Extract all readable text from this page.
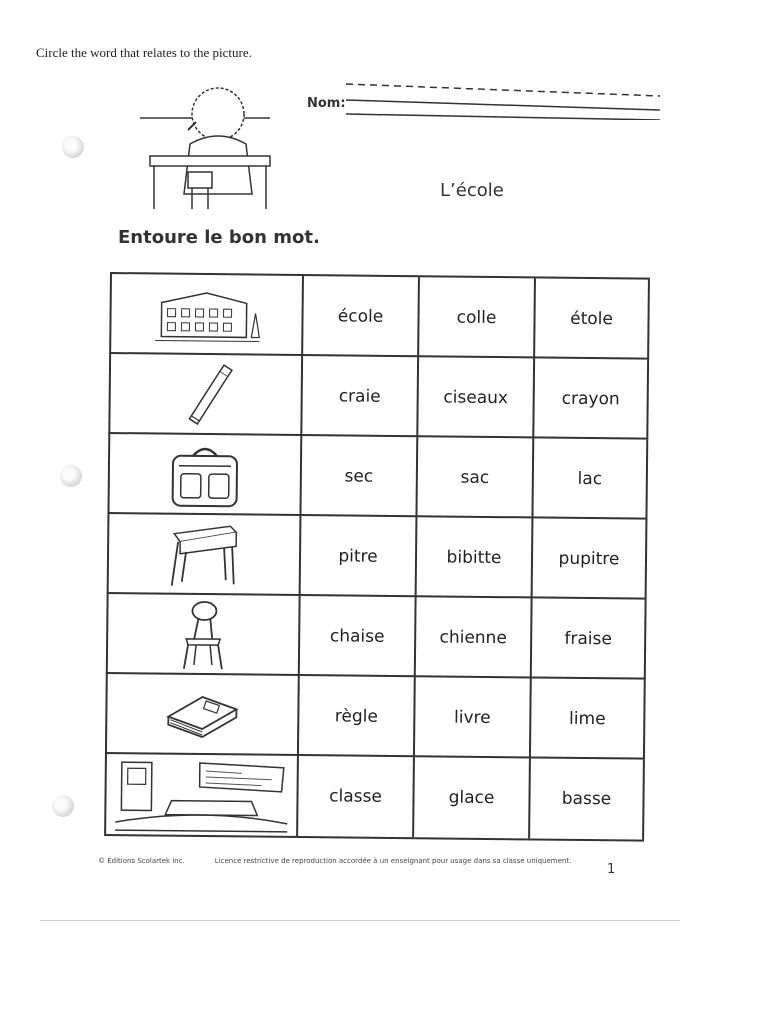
Circle the word that relates to the picture.
Nom:
L’école
Entoure le bon mot.
école	colle	étole
craie	ciseaux	crayon
sec	sac	lac
pitre	bibitte	pupitre
chaise	chienne	fraise
règle	livre	lime
classe	glace	basse
© Éditions Scolartek inc.	Licence restrictive de reproduction accordée à un enseignant pour usage dans sa classe uniquement.
1
